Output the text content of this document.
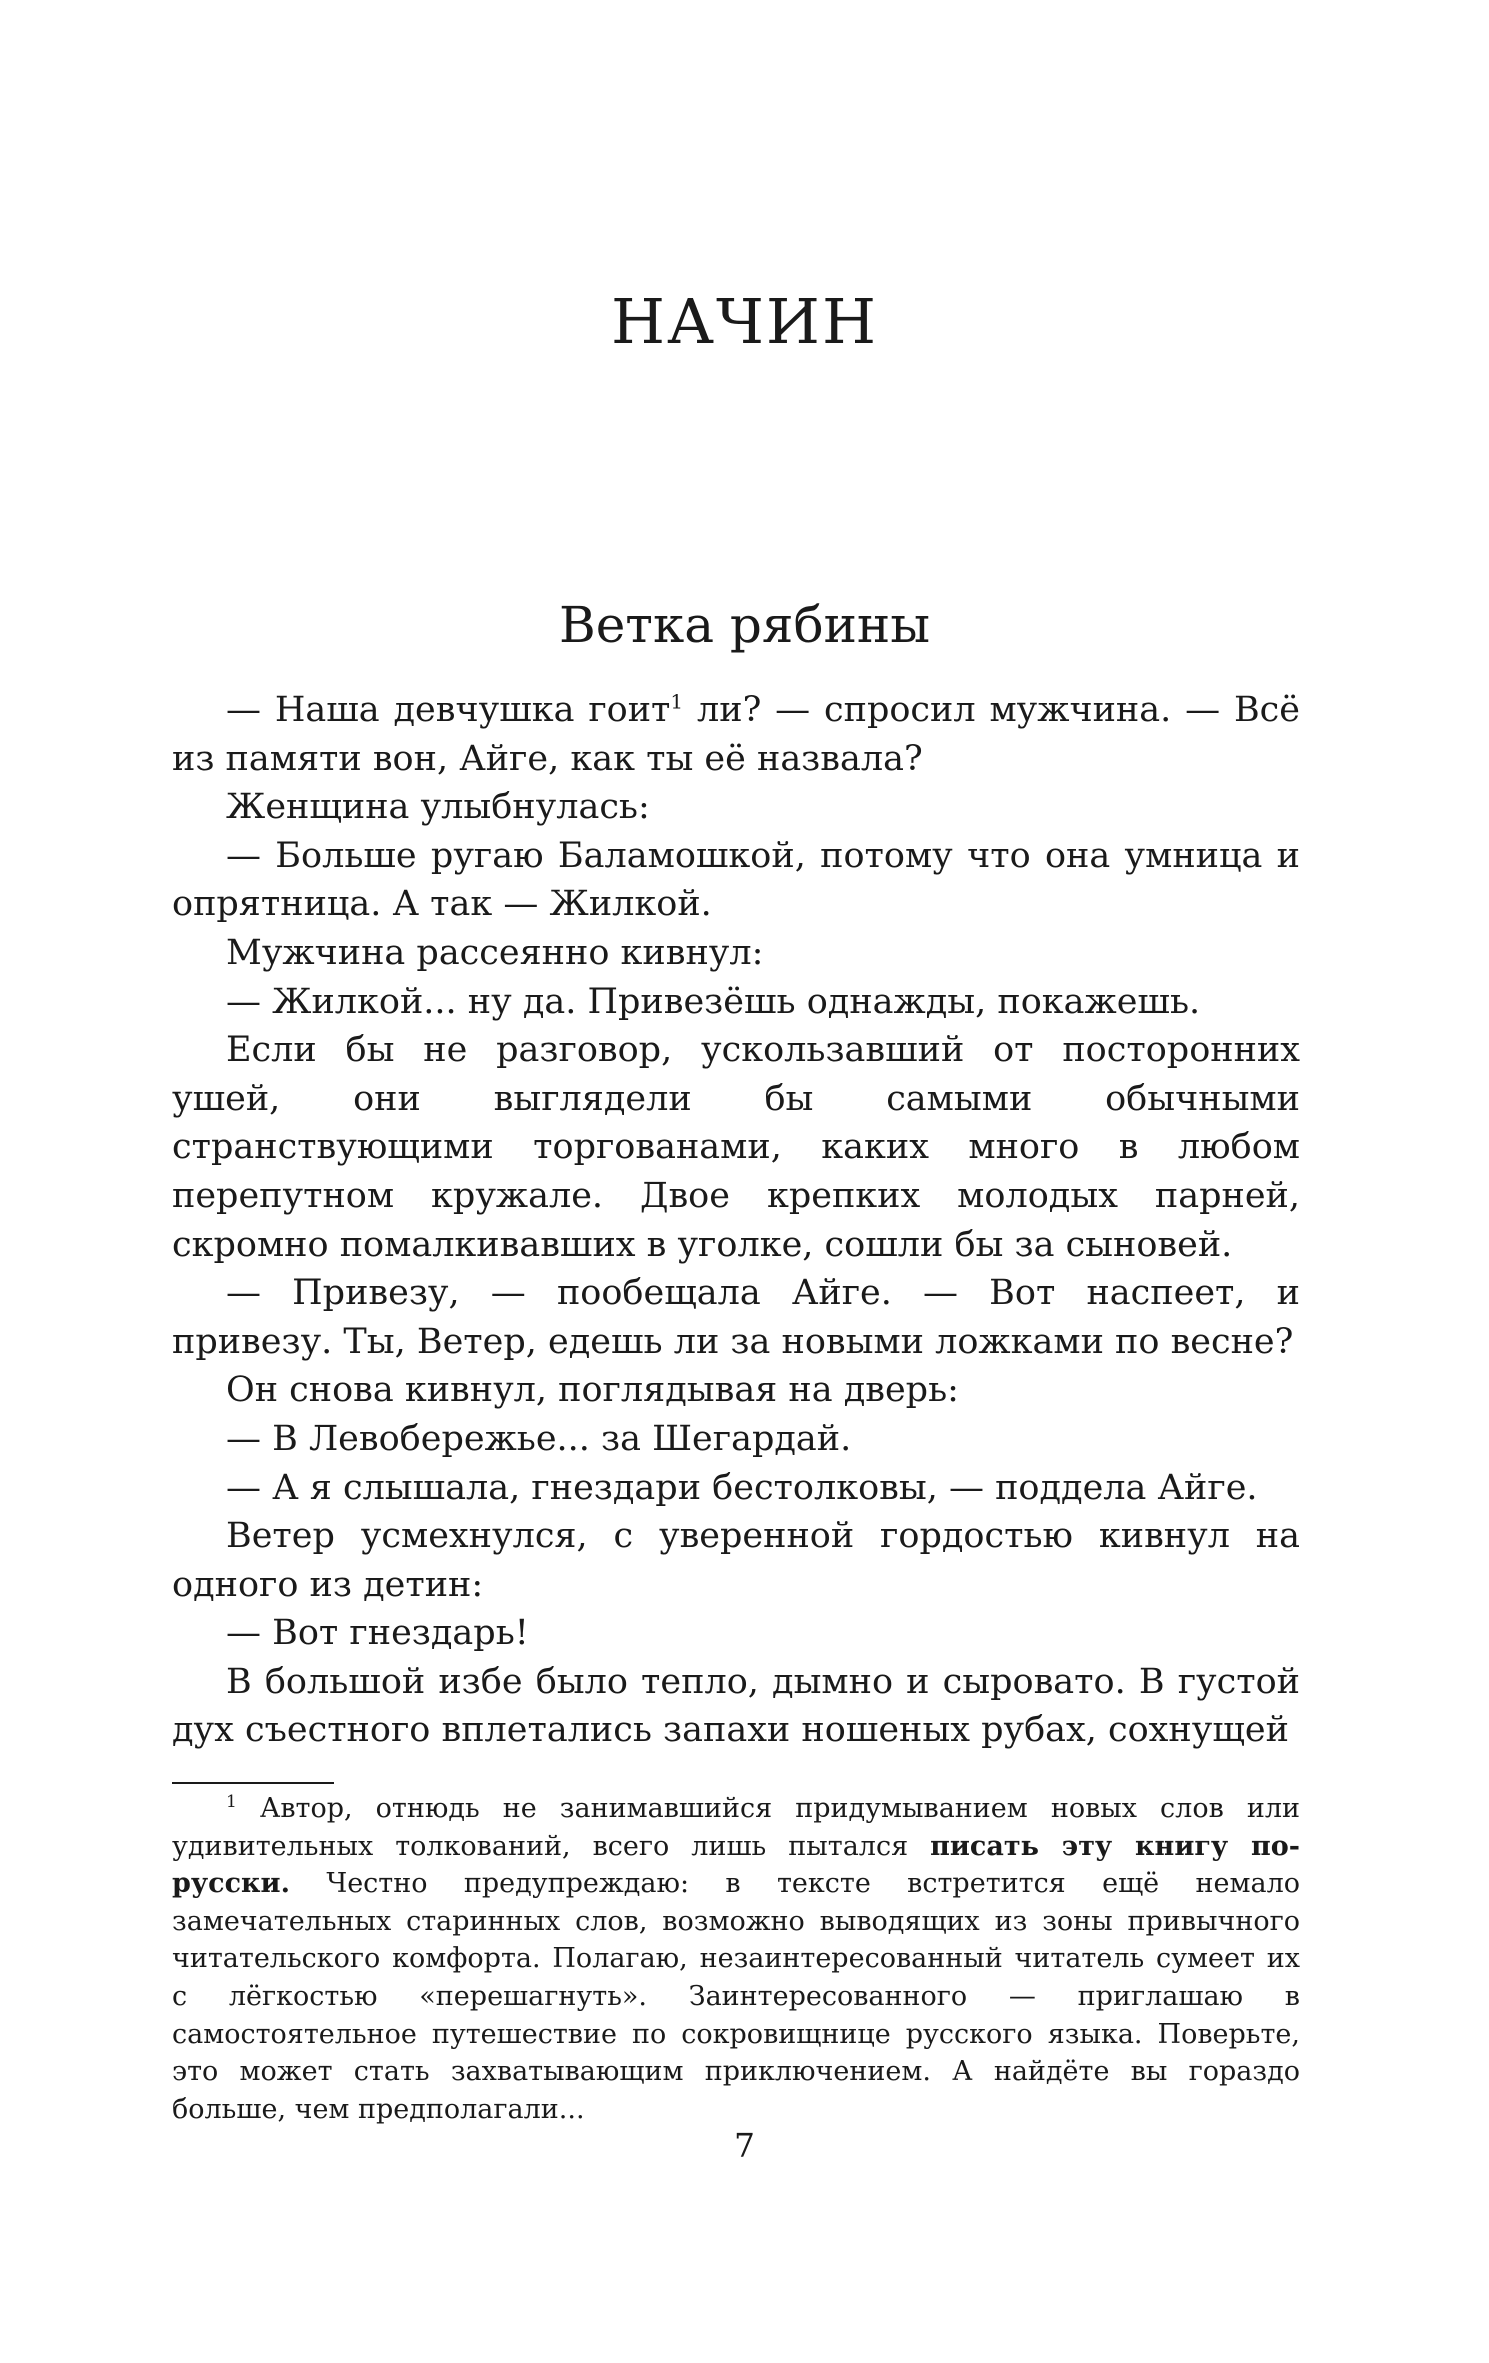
НАЧИН
Ветка рябины

— Наша девчушка гоит$^1$ ли? — спросил мужчина. — Всё из памяти вон, Айге, как ты её назвала?

Женщина улыбнулась:

— Больше ругаю Баламошкой, потому что она умница и опрятница. А так — Жилкой.

Мужчина рассеянно кивнул:

— Жилкой... ну да. Привезёшь однажды, покажешь.

Если бы не разговор, ускользавший от посторонних ушей, они выглядели бы самыми обычными странствующими торгованами, каких много в любом перепутном кружале. Двое крепких молодых парней, скромно помалкивавших в уголке, сошли бы за сыновей.

— Привезу, — пообещала Айге. — Вот наспеет, и привезу. Ты, Ветер, едешь ли за новыми ложками по весне?

Он снова кивнул, поглядывая на дверь:

— В Левобережье... за Шегардай.

— А я слышала, гнездари бестолковы, — поддела Айге.

Ветер усмехнулся, с уверенной гордостью кивнул на одного из детин:

— Вот гнездарь!

В большой избе было тепло, дымно и сыровато. В густой дух съестного вплетались запахи ношеных рубах, сохнущей

$^1$ Автор, отнюдь не занимавшийся придумыванием новых слов или удивительных толкований, всего лишь пытался писать эту книгу по-русски. Честно предупреждаю: в тексте встретится ещё немало замечательных старинных слов, возможно выводящих из зоны привычного читательского комфорта. Полагаю, незаинтересованный читатель сумеет их с лёгкостью «перешагнуть». Заинтересованного — приглашаю в самостоятельное путешествие по сокровищнице русского языка. Поверьте, это может стать захватывающим приключением. А найдёте вы гораздо больше, чем предполагали...

7
